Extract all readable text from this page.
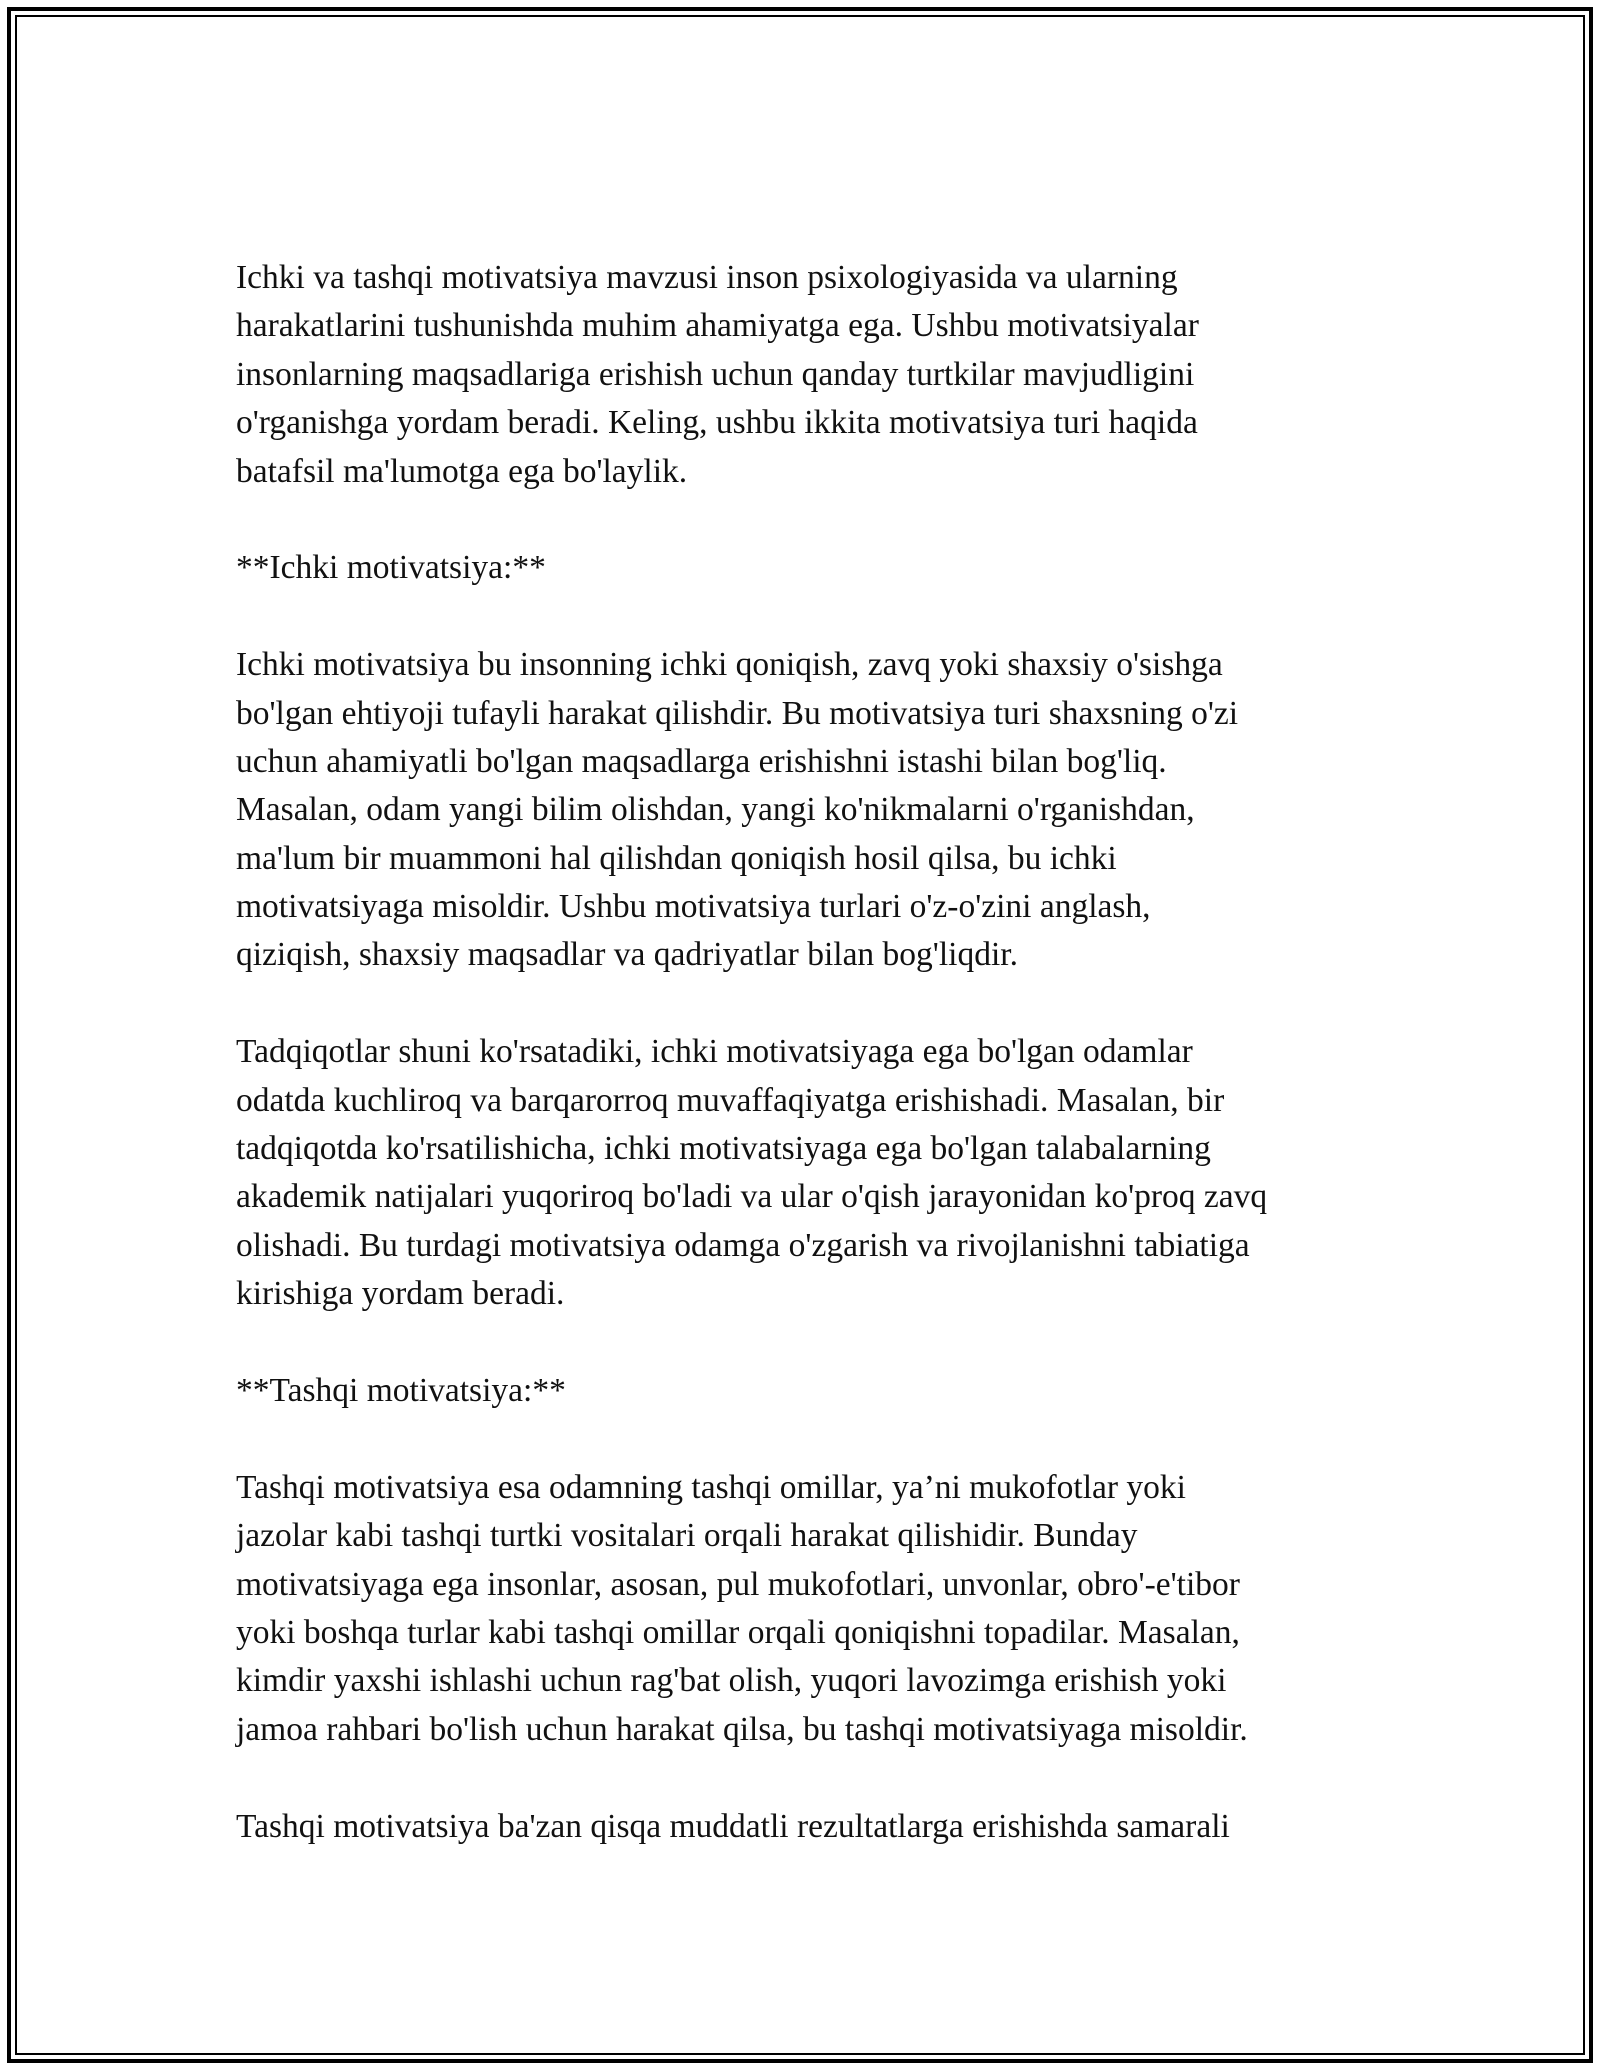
Ichki va tashqi motivatsiya mavzusi inson psixologiyasida va ularning
harakatlarini tushunishda muhim ahamiyatga ega. Ushbu motivatsiyalar
insonlarning maqsadlariga erishish uchun qanday turtkilar mavjudligini
o'rganishga yordam beradi. Keling, ushbu ikkita motivatsiya turi haqida
batafsil ma'lumotga ega bo'laylik.

**Ichki motivatsiya:**

Ichki motivatsiya bu insonning ichki qoniqish, zavq yoki shaxsiy o'sishga
bo'lgan ehtiyoji tufayli harakat qilishdir. Bu motivatsiya turi shaxsning o'zi
uchun ahamiyatli bo'lgan maqsadlarga erishishni istashi bilan bog'liq.
Masalan, odam yangi bilim olishdan, yangi ko'nikmalarni o'rganishdan,
ma'lum bir muammoni hal qilishdan qoniqish hosil qilsa, bu ichki
motivatsiyaga misoldir. Ushbu motivatsiya turlari o'z-o'zini anglash,
qiziqish, shaxsiy maqsadlar va qadriyatlar bilan bog'liqdir.

Tadqiqotlar shuni ko'rsatadiki, ichki motivatsiyaga ega bo'lgan odamlar
odatda kuchliroq va barqarorroq muvaffaqiyatga erishishadi. Masalan, bir
tadqiqotda ko'rsatilishicha, ichki motivatsiyaga ega bo'lgan talabalarning
akademik natijalari yuqoriroq bo'ladi va ular o'qish jarayonidan ko'proq zavq
olishadi. Bu turdagi motivatsiya odamga o'zgarish va rivojlanishni tabiatiga
kirishiga yordam beradi.

**Tashqi motivatsiya:**

Tashqi motivatsiya esa odamning tashqi omillar, ya’ni mukofotlar yoki
jazolar kabi tashqi turtki vositalari orqali harakat qilishidir. Bunday
motivatsiyaga ega insonlar, asosan, pul mukofotlari, unvonlar, obro'-e'tibor
yoki boshqa turlar kabi tashqi omillar orqali qoniqishni topadilar. Masalan,
kimdir yaxshi ishlashi uchun rag'bat olish, yuqori lavozimga erishish yoki
jamoa rahbari bo'lish uchun harakat qilsa, bu tashqi motivatsiyaga misoldir.

Tashqi motivatsiya ba'zan qisqa muddatli rezultatlarga erishishda samarali
